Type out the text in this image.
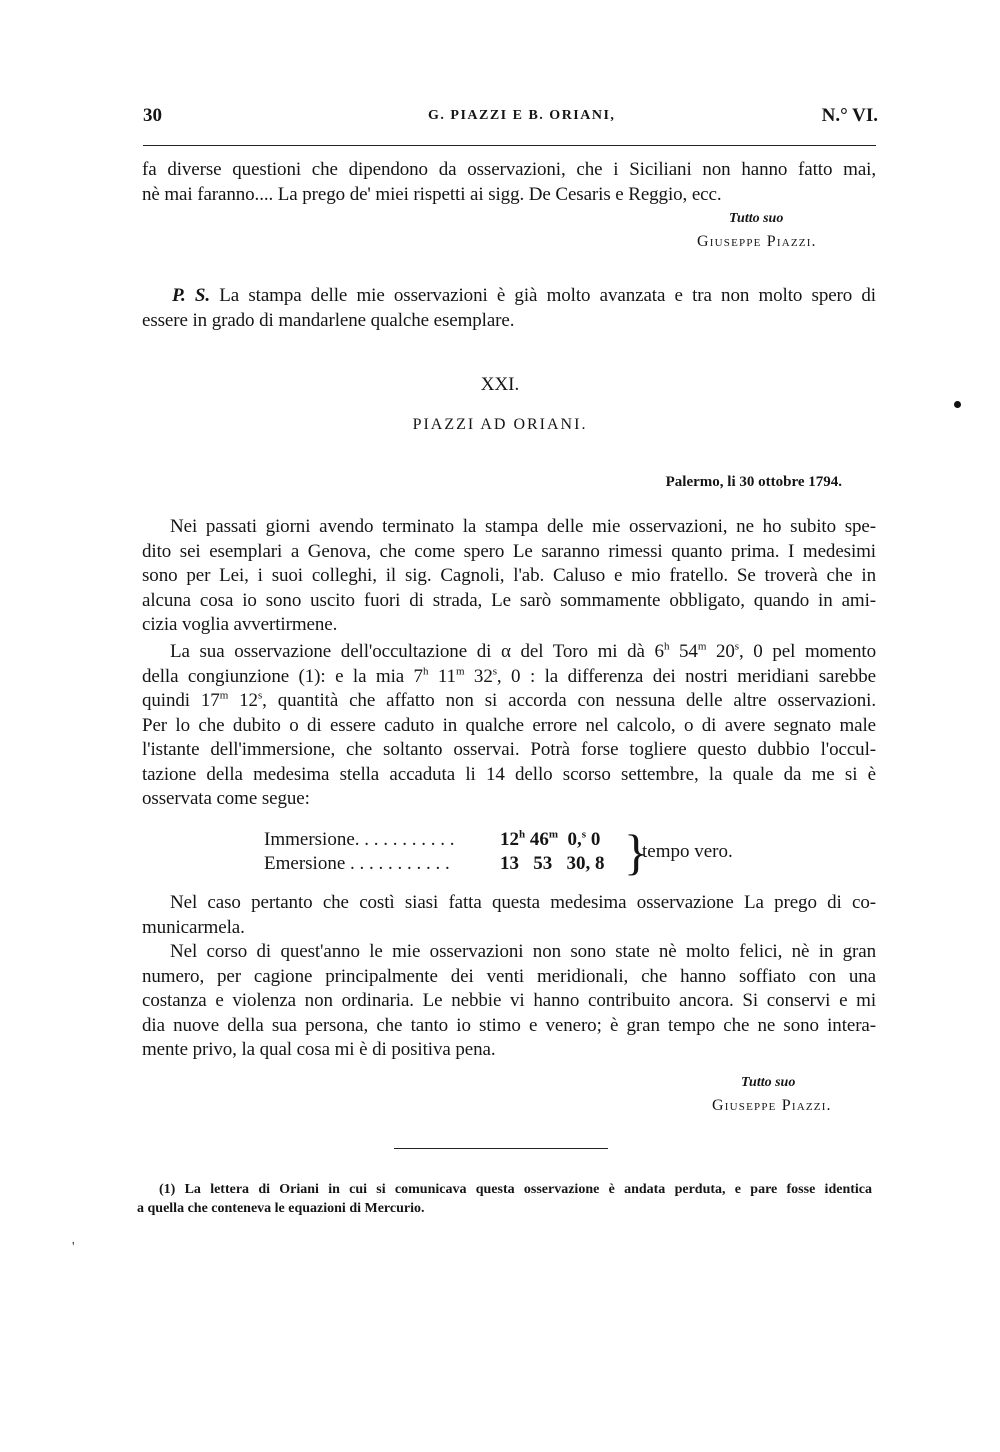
30	G. PIAZZI E B. ORIANI,	N.° VI.
fa diverse questioni che dipendono da osservazioni, che i Siciliani non hanno fatto mai,
nè mai faranno.... La prego de' miei rispetti ai sigg. De Cesaris e Reggio, ecc.
Tutto suo
Giuseppe Piazzi.
P. S. La stampa delle mie osservazioni è già molto avanzata e tra non molto spero di
essere in grado di mandarlene qualche esemplare.
XXI.
PIAZZI AD ORIANI.
Palermo, li 30 ottobre 1794.
Nei passati giorni avendo terminato la stampa delle mie osservazioni, ne ho subito spe-
dito sei esemplari a Genova, che come spero Le saranno rimessi quanto prima. I medesimi
sono per Lei, i suoi colleghi, il sig. Cagnoli, l'ab. Caluso e mio fratello. Se troverà che in
alcuna cosa io sono uscito fuori di strada, Le sarò sommamente obbligato, quando in ami-
cizia voglia avvertirmene.
La sua osservazione dell'occultazione di α del Toro mi dà 6$^h$ 54$^m$ 20$^s$, 0 pel momento
della congiunzione (1): e la mia 7$^h$ 11$^m$ 32$^s$, 0 : la differenza dei nostri meridiani sarebbe
quindi 17$^m$ 12$^s$, quantità che affatto non si accorda con nessuna delle altre osservazioni.
Per lo che dubito o di essere caduto in qualche errore nel calcolo, o di avere segnato male
l'istante dell'immersione, che soltanto osservai. Potrà forse togliere questo dubbio l'occul-
tazione della medesima stella accaduta li 14 dello scorso settembre, la quale da me si è
osservata come segue:
Immersione. . . . . . . . . . . 12$^h$ 46$^m$  0,$^s$ 0
Emersione . . . . . . . . . . .	13   53   30, 8 }
tempo vero.
Nel caso pertanto che costì siasi fatta questa medesima osservazione La prego di co-
municarmela.
Nel corso di quest'anno le mie osservazioni non sono state nè molto felici, nè in gran
numero, per cagione principalmente dei venti meridionali, che hanno soffiato con una
costanza e violenza non ordinaria. Le nebbie vi hanno contribuito ancora. Si conservi e mi
dia nuove della sua persona, che tanto io stimo e venero; è gran tempo che ne sono intera-
mente privo, la qual cosa mi è di positiva pena.
Tutto suo
Giuseppe Piazzi.
(1) La lettera di Oriani in cui si comunicava questa osservazione è andata perduta, e pare fosse identica
a quella che conteneva le equazioni di Mercurio.
'
